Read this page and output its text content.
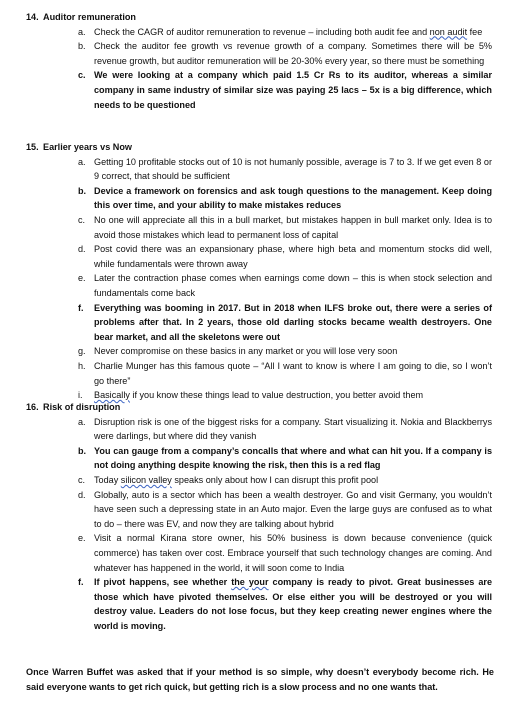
14. Auditor remuneration
a. Check the CAGR of auditor remuneration to revenue – including both audit fee and non audit fee
b. Check the auditor fee growth vs revenue growth of a company. Sometimes there will be 5% revenue growth, but auditor remuneration will be 20-30% every year, so there must be something
c. We were looking at a company which paid 1.5 Cr Rs to its auditor, whereas a similar company in same industry of similar size was paying 25 lacs – 5x is a big difference, which needs to be questioned
15. Earlier years vs Now
a. Getting 10 profitable stocks out of 10 is not humanly possible, average is 7 to 3. If we get even 8 or 9 correct, that should be sufficient
b. Device a framework on forensics and ask tough questions to the management. Keep doing this over time, and your ability to make mistakes reduces
c. No one will appreciate all this in a bull market, but mistakes happen in bull market only. Idea is to avoid those mistakes which lead to permanent loss of capital
d. Post covid there was an expansionary phase, where high beta and momentum stocks did well, while fundamentals were thrown away
e. Later the contraction phase comes when earnings come down – this is when stock selection and fundamentals come back
f. Everything was booming in 2017. But in 2018 when ILFS broke out, there were a series of problems after that. In 2 years, those old darling stocks became wealth destroyers. One bear market, and all the skeletons were out
g. Never compromise on these basics in any market or you will lose very soon
h. Charlie Munger has this famous quote – “All I want to know is where I am going to die, so I won’t go there”
i. Basically if you know these things lead to value destruction, you better avoid them
16. Risk of disruption
a. Disruption risk is one of the biggest risks for a company. Start visualizing it. Nokia and Blackberrys were darlings, but where did they vanish
b. You can gauge from a company’s concalls that where and what can hit you. If a company is not doing anything despite knowing the risk, then this is a red flag
c. Today silicon valley speaks only about how I can disrupt this profit pool
d. Globally, auto is a sector which has been a wealth destroyer. Go and visit Germany, you wouldn’t have seen such a depressing state in an Auto major. Even the large guys are confused as to what to do – there was EV, and now they are talking about hybrid
e. Visit a normal Kirana store owner, his 50% business is down because convenience (quick commerce) has taken over cost. Embrace yourself that such technology changes are coming. And whatever has happened in the world, it will soon come to India
f. If pivot happens, see whether the your company is ready to pivot. Great businesses are those which have pivoted themselves. Or else either you will be destroyed or you will destroy value. Leaders do not lose focus, but they keep creating newer engines where the world is moving.
Once Warren Buffet was asked that if your method is so simple, why doesn’t everybody become rich. He said everyone wants to get rich quick, but getting rich is a slow process and no one wants that.
